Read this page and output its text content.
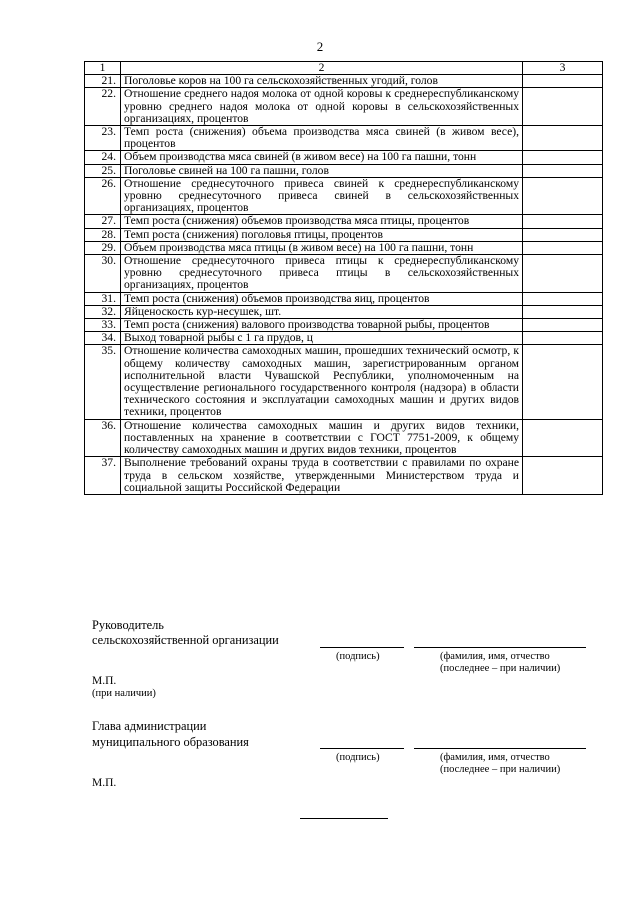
2
1	2	3
21.	Поголовье коров на 100 га сельскохозяйственных угодий, голов	
22.	Отношение среднего надоя молока от одной коровы к среднереспубликанскому уровню среднего надоя молока от одной коровы в сельскохозяйственных организациях, процентов	
23.	Темп роста (снижения) объема производства мяса свиней (в живом весе), процентов	
24.	Объем производства мяса свиней (в живом весе) на 100 га пашни, тонн	
25.	Поголовье свиней на 100 га пашни, голов	
26.	Отношение среднесуточного привеса свиней к среднереспубликанскому уровню среднесуточного привеса свиней в сельскохозяйственных организациях, процентов	
27.	Темп роста (снижения) объемов производства мяса птицы, процентов	
28.	Темп роста (снижения) поголовья птицы, процентов	
29.	Объем производства мяса птицы (в живом весе) на 100 га пашни, тонн	
30.	Отношение среднесуточного привеса птицы к среднереспубликанскому уровню среднесуточного привеса птицы в сельскохозяйственных организациях, процентов	
31.	Темп роста (снижения) объемов производства яиц, процентов	
32.	Яйценоскость кур-несушек, шт.	
33.	Темп роста (снижения) валового производства товарной рыбы, процентов	
34.	Выход товарной рыбы с 1 га прудов, ц	
35.	Отношение количества самоходных машин, прошедших технический осмотр, к общему количеству самоходных машин, зарегистрированным органом исполнительной власти Чувашской Республики, уполномоченным на осуществление регионального государственного контроля (надзора) в области технического состояния и эксплуатации самоходных машин и других видов техники, процентов	
36.	Отношение количества самоходных машин и других видов техники, поставленных на хранение в соответствии с ГОСТ 7751-2009, к общему количеству самоходных машин и других видов техники, процентов	
37.	Выполнение требований охраны труда в соответствии с правилами по охране труда в сельском хозяйстве, утвержденными Министерством труда и социальной защиты Российской Федерации	
Руководитель
сельскохозяйственной организации
(подпись)	(фамилия, имя, отчество
(последнее – при наличии)
М.П.
(при наличии)
Глава администрации
муниципального образования
(подпись)	(фамилия, имя, отчество
(последнее – при наличии)
М.П.
